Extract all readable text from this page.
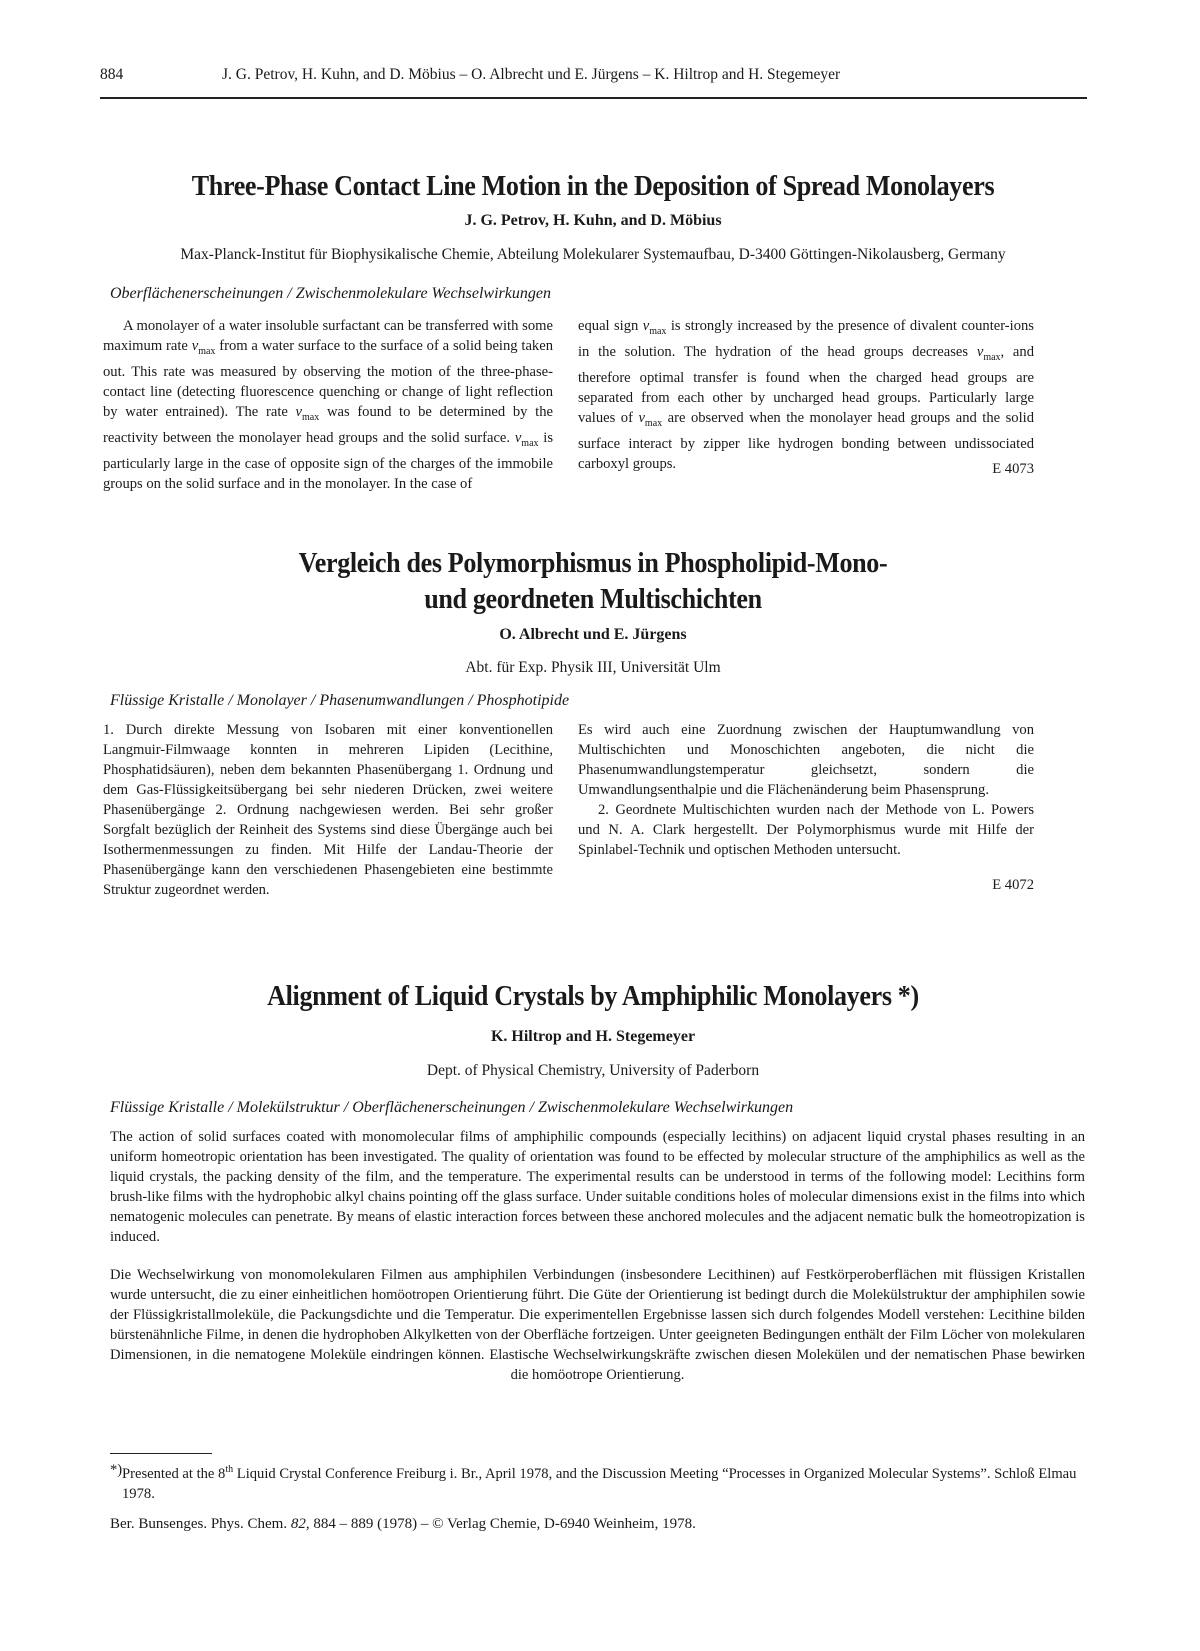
884	J. G. Petrov, H. Kuhn, and D. Möbius – O. Albrecht und E. Jürgens – K. Hiltrop and H. Stegemeyer
Three-Phase Contact Line Motion in the Deposition of Spread Monolayers
J. G. Petrov, H. Kuhn, and D. Möbius
Max-Planck-Institut für Biophysikalische Chemie, Abteilung Molekularer Systemaufbau, D-3400 Göttingen-Nikolausberg, Germany
Oberflächenerscheinungen / Zwischenmolekulare Wechselwirkungen

A monolayer of a water insoluble surfactant can be transferred with some maximum rate $v_{max}$ from a water surface to the surface of a solid being taken out. This rate was measured by observing the motion of the three-phase-contact line (detecting fluorescence quenching or change of light reflection by water entrained). The rate $v_{max}$ was found to be determined by the reactivity between the monolayer head groups and the solid surface. $v_{max}$ is particularly large in the case of opposite sign of the charges of the immobile groups on the solid surface and in the monolayer. In the case of

equal sign $v_{max}$ is strongly increased by the presence of divalent counter-ions in the solution. The hydration of the head groups decreases $v_{max}$, and therefore optimal transfer is found when the charged head groups are separated from each other by uncharged head groups. Particularly large values of $v_{max}$ are observed when the monolayer head groups and the solid surface interact by zipper like hydrogen bonding between undissociated carboxyl groups.	E 4073
Vergleich des Polymorphismus in Phospholipid-Mono-
und geordneten Multischichten
O. Albrecht und E. Jürgens
Abt. für Exp. Physik III, Universität Ulm
Flüssige Kristalle / Monolayer / Phasenumwandlungen / Phosphotipide

1. Durch direkte Messung von Isobaren mit einer konventionellen Langmuir-Filmwaage konnten in mehreren Lipiden (Lecithine, Phosphatidsäuren), neben dem bekannten Phasenübergang 1. Ordnung und dem Gas-Flüssigkeitsübergang bei sehr niederen Drücken, zwei weitere Phasenübergänge 2. Ordnung nachgewiesen werden. Bei sehr großer Sorgfalt bezüglich der Reinheit des Systems sind diese Übergänge auch bei Isothermenmessungen zu finden. Mit Hilfe der Landau-Theorie der Phasenübergänge kann den verschiedenen Phasengebieten eine bestimmte Struktur zugeordnet werden.

Es wird auch eine Zuordnung zwischen der Hauptumwandlung von Multischichten und Monoschichten angeboten, die nicht die Phasenumwandlungstemperatur gleichsetzt, sondern die Umwandlungsenthalpie und die Flächenänderung beim Phasensprung.

2. Geordnete Multischichten wurden nach der Methode von L. Powers und N. A. Clark hergestellt. Der Polymorphismus wurde mit Hilfe der Spinlabel-Technik und optischen Methoden untersucht.

E 4072
Alignment of Liquid Crystals by Amphiphilic Monolayers *)
K. Hiltrop and H. Stegemeyer
Dept. of Physical Chemistry, University of Paderborn
Flüssige Kristalle / Molekülstruktur / Oberflächenerscheinungen / Zwischenmolekulare Wechselwirkungen

The action of solid surfaces coated with monomolecular films of amphiphilic compounds (especially lecithins) on adjacent liquid crystal phases resulting in an uniform homeotropic orientation has been investigated. The quality of orientation was found to be effected by molecular structure of the amphiphilics as well as the liquid crystals, the packing density of the film, and the temperature. The experimental results can be understood in terms of the following model: Lecithins form brush-like films with the hydrophobic alkyl chains pointing off the glass surface. Under suitable conditions holes of molecular dimensions exist in the films into which nematogenic molecules can penetrate. By means of elastic interaction forces between these anchored molecules and the adjacent nematic bulk the homeotropization is induced.

Die Wechselwirkung von monomolekularen Filmen aus amphiphilen Verbindungen (insbesondere Lecithinen) auf Festkörperoberflächen mit flüssigen Kristallen wurde untersucht, die zu einer einheitlichen homöotropen Orientierung führt. Die Güte der Orientierung ist bedingt durch die Molekülstruktur der amphiphilen sowie der Flüssigkristallmoleküle, die Packungsdichte und die Temperatur. Die experimentellen Ergebnisse lassen sich durch folgendes Modell verstehen: Lecithine bilden bürstenähnliche Filme, in denen die hydrophoben Alkylketten von der Oberfläche fortzeigen. Unter geeigneten Bedingungen enthält der Film Löcher von molekularen Dimensionen, in die nematogene Moleküle eindringen können. Elastische Wechselwirkungskräfte zwischen diesen Molekülen und der nematischen Phase bewirken die homöotrope Orientierung.

*) Presented at the 8th Liquid Crystal Conference Freiburg i. Br., April 1978, and the Discussion Meeting “Processes in Organized Molecular Systems”. Schloß Elmau 1978.
Ber. Bunsenges. Phys. Chem. 82, 884 – 889 (1978) – © Verlag Chemie, D-6940 Weinheim, 1978.
